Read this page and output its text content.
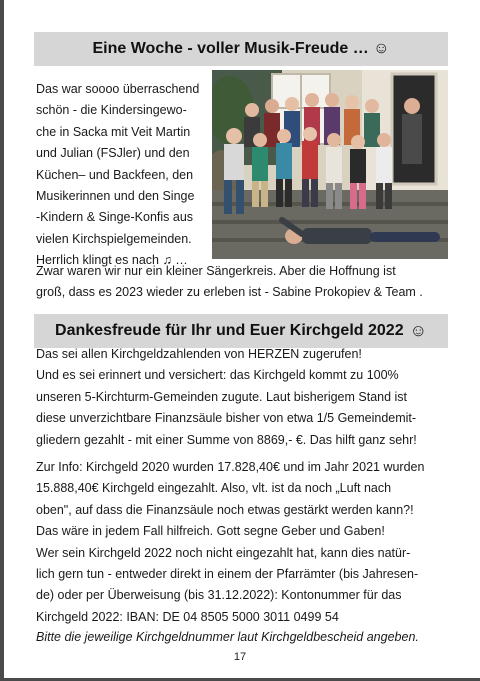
Eine Woche - voller Musik-Freude … ☺
Das war soooo überraschend
schön - die Kindersingewo-
che in Sacka mit Veit Martin
und Julian (FSJler) und den
Küchen– und Backfeen, den
Musikerinnen und den Singe
-Kindern & Singe-Konfis aus
vielen Kirchspielgemeinden.
Herrlich klingt es nach ♫ …
Zwar waren wir nur ein kleiner Sängerkreis. Aber die Hoffnung ist
groß, dass es 2023 wieder zu erleben ist - Sabine Prokopiev & Team .
Dankesfreude für Ihr und Euer Kirchgeld 2022 ☺
Das sei allen Kirchgeldzahlenden von HERZEN zugerufen!
Und es sei erinnert und versichert: das Kirchgeld kommt zu 100%
unseren 5-Kirchturm-Gemeinden zugute. Laut bisherigem Stand ist
diese unverzichtbare Finanzsäule bisher von etwa 1/5 Gemeindemit-
gliedern gezahlt - mit einer Summe von 8869,- €. Das hilft ganz sehr!
Zur Info: Kirchgeld 2020 wurden 17.828,40€ und im Jahr 2021 wurden
15.888,40€ Kirchgeld eingezahlt. Also, vlt. ist da noch „Luft nach
oben", auf dass die Finanzsäule noch etwas gestärkt werden kann?!
Das wäre in jedem Fall hilfreich. Gott segne Geber und Gaben!
Wer sein Kirchgeld 2022 noch nicht eingezahlt hat, kann dies natür-
lich gern tun - entweder direkt in einem der Pfarrämter (bis Jahresen-
de) oder per Überweisung (bis 31.12.2022): Kontonummer für das
Kirchgeld 2022: IBAN: DE 04 8505 5000 3011 0499 54
Bitte die jeweilige Kirchgeldnummer laut Kirchgeldbescheid angeben.
17
